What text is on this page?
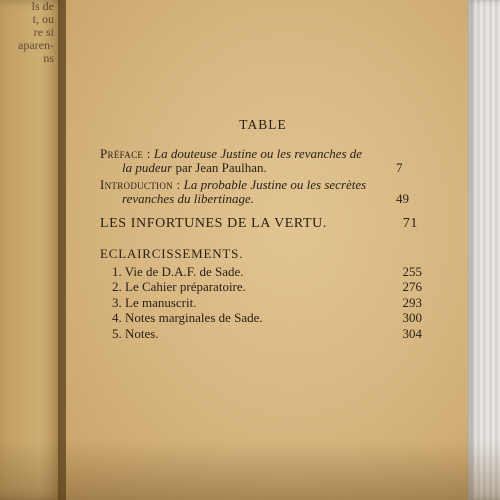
ls de
t, ou
re si
aparen-
ns
TABLE
Préface : La douteuse Justine ou les revanches de la pudeur par Jean Paulhan.	7
Introduction : La probable Justine ou les secrètes revanches du libertinage.	49
LES INFORTUNES DE LA VERTU.	71
ECLAIRCISSEMENTS.
1. Vie de D.A.F. de Sade.	255
2. Le Cahier préparatoire.	276
3. Le manuscrit.	293
4. Notes marginales de Sade.	300
5. Notes.	304
